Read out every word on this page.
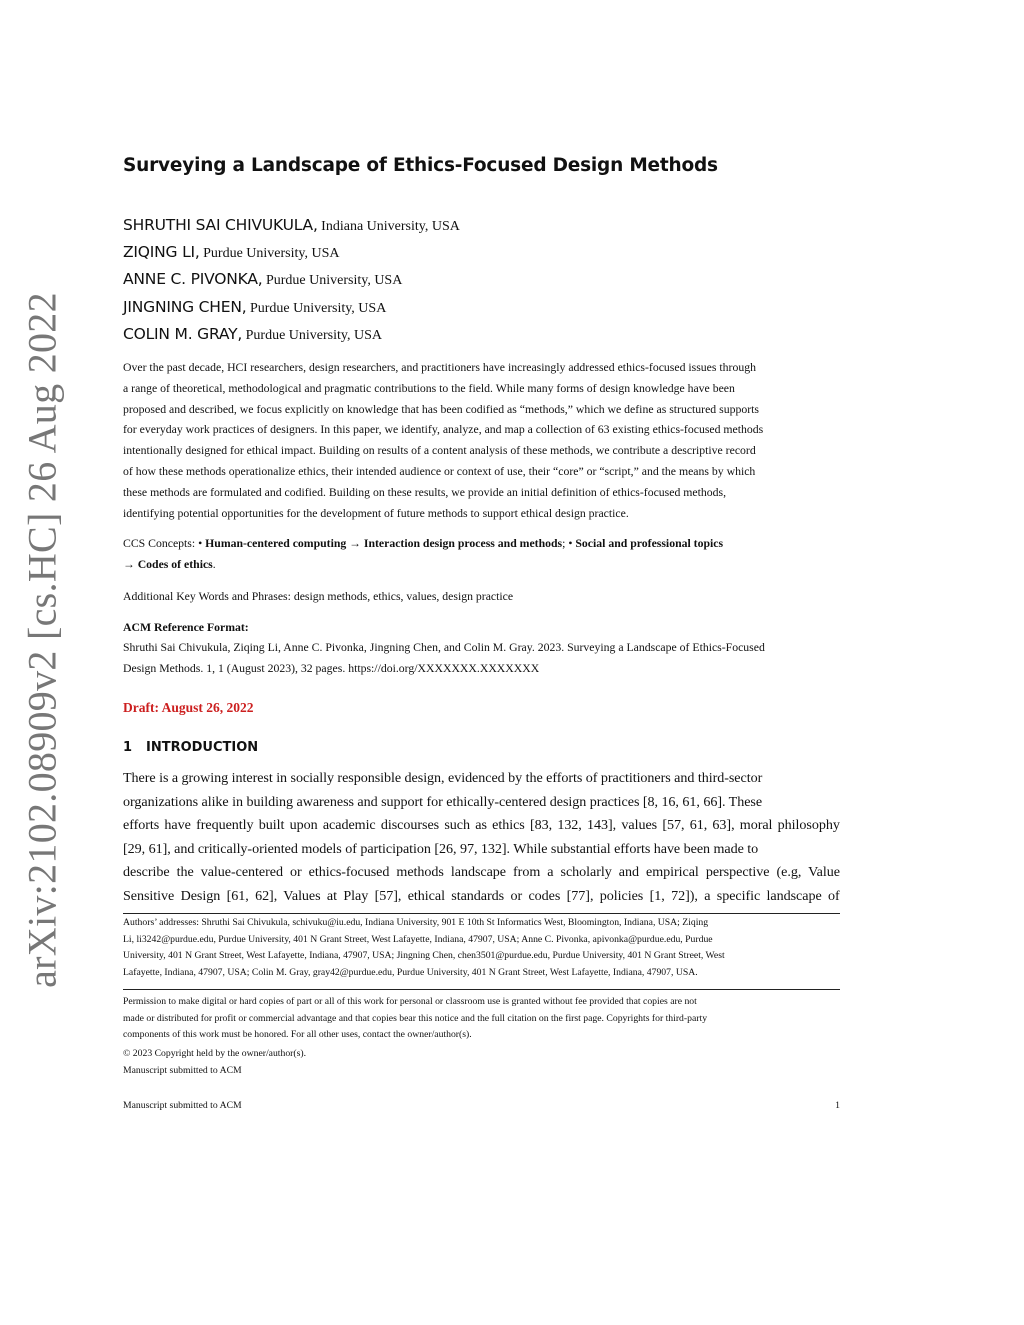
arXiv:2102.08909v2 [cs.HC] 26 Aug 2022
Surveying a Landscape of Ethics-Focused Design Methods
SHRUTHI SAI CHIVUKULA, Indiana University, USA
ZIQING LI, Purdue University, USA
ANNE C. PIVONKA, Purdue University, USA
JINGNING CHEN, Purdue University, USA
COLIN M. GRAY, Purdue University, USA
Over the past decade, HCI researchers, design researchers, and practitioners have increasingly addressed ethics-focused issues through
a range of theoretical, methodological and pragmatic contributions to the field. While many forms of design knowledge have been
proposed and described, we focus explicitly on knowledge that has been codified as “methods,” which we define as structured supports
for everyday work practices of designers. In this paper, we identify, analyze, and map a collection of 63 existing ethics-focused methods
intentionally designed for ethical impact. Building on results of a content analysis of these methods, we contribute a descriptive record
of how these methods operationalize ethics, their intended audience or context of use, their “core” or “script,” and the means by which
these methods are formulated and codified. Building on these results, we provide an initial definition of ethics-focused methods,
identifying potential opportunities for the development of future methods to support ethical design practice.
CCS Concepts: • Human-centered computing → Interaction design process and methods; • Social and professional topics
→ Codes of ethics.
Additional Key Words and Phrases: design methods, ethics, values, design practice
ACM Reference Format:
Shruthi Sai Chivukula, Ziqing Li, Anne C. Pivonka, Jingning Chen, and Colin M. Gray. 2023. Surveying a Landscape of Ethics-Focused
Design Methods. 1, 1 (August 2023), 32 pages. https://doi.org/XXXXXXX.XXXXXXX
Draft: August 26, 2022
1 INTRODUCTION
There is a growing interest in socially responsible design, evidenced by the efforts of practitioners and third-sector
organizations alike in building awareness and support for ethically-centered design practices [8, 16, 61, 66]. These
efforts have frequently built upon academic discourses such as ethics [83, 132, 143], values [57, 61, 63], moral philosophy
[29, 61], and critically-oriented models of participation [26, 97, 132]. While substantial efforts have been made to
describe the value-centered or ethics-focused methods landscape from a scholarly and empirical perspective (e.g, Value
Sensitive Design [61, 62], Values at Play [57], ethical standards or codes [77], policies [1, 72]), a specific landscape of
Authors’ addresses: Shruthi Sai Chivukula, schivuku@iu.edu, Indiana University, 901 E 10th St Informatics West, Bloomington, Indiana, USA; Ziqing
Li, li3242@purdue.edu, Purdue University, 401 N Grant Street, West Lafayette, Indiana, 47907, USA; Anne C. Pivonka, apivonka@purdue.edu, Purdue
University, 401 N Grant Street, West Lafayette, Indiana, 47907, USA; Jingning Chen, chen3501@purdue.edu, Purdue University, 401 N Grant Street, West
Lafayette, Indiana, 47907, USA; Colin M. Gray, gray42@purdue.edu, Purdue University, 401 N Grant Street, West Lafayette, Indiana, 47907, USA.
Permission to make digital or hard copies of part or all of this work for personal or classroom use is granted without fee provided that copies are not
made or distributed for profit or commercial advantage and that copies bear this notice and the full citation on the first page. Copyrights for third-party
components of this work must be honored. For all other uses, contact the owner/author(s).
© 2023 Copyright held by the owner/author(s).
Manuscript submitted to ACM
Manuscript submitted to ACM	1
